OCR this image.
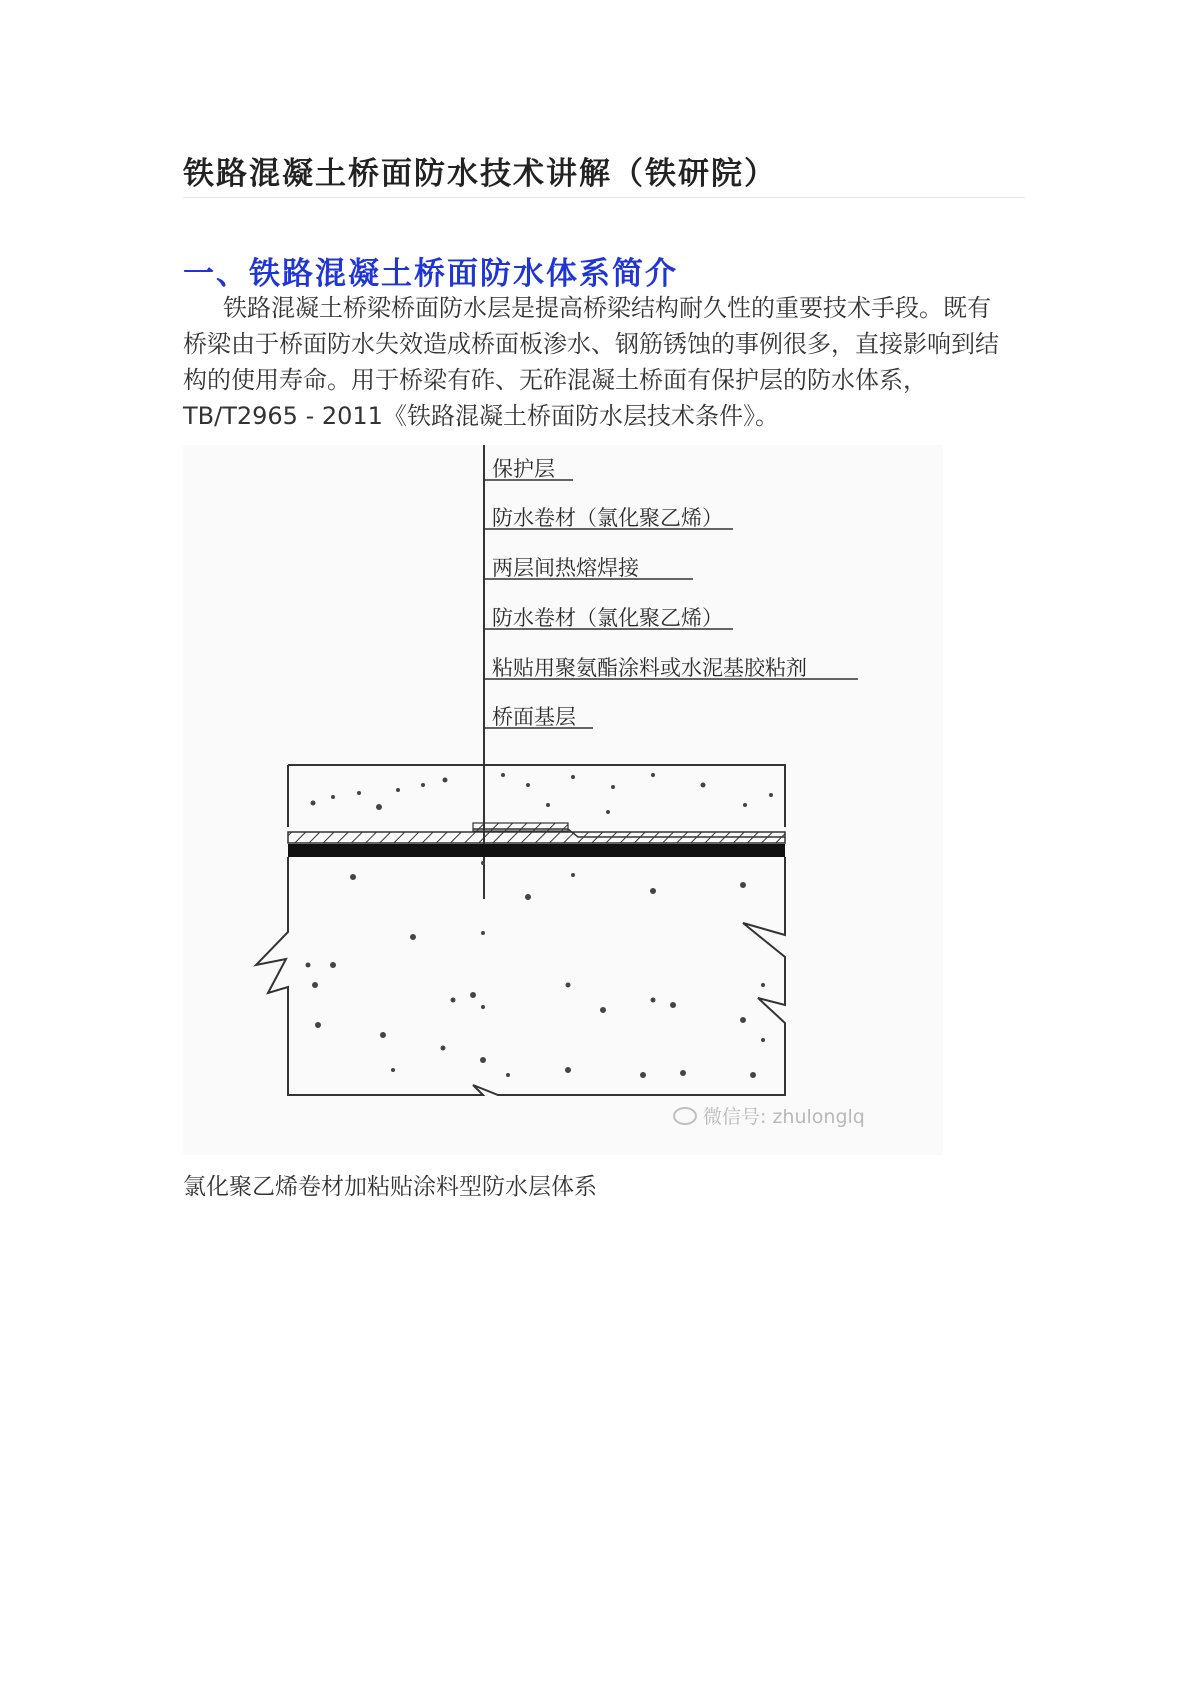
铁路混凝土桥面防水技术讲解（铁研院）
一、铁路混凝土桥面防水体系简介
铁路混凝土桥梁桥面防水层是提高桥梁结构耐久性的重要技术手段。既有
桥梁由于桥面防水失效造成桥面板渗水、钢筋锈蚀的事例很多，直接影响到结
构的使用寿命。用于桥梁有砟、无砟混凝土桥面有保护层的防水体系，
TB/T2965 - 2011《铁路混凝土桥面防水层技术条件》。
保护层
防水卷材（氯化聚乙烯）
两层间热熔焊接
防水卷材（氯化聚乙烯）
粘贴用聚氨酯涂料或水泥基胶粘剂
桥面基层
微信号: zhulonglq
氯化聚乙烯卷材加粘贴涂料型防水层体系
